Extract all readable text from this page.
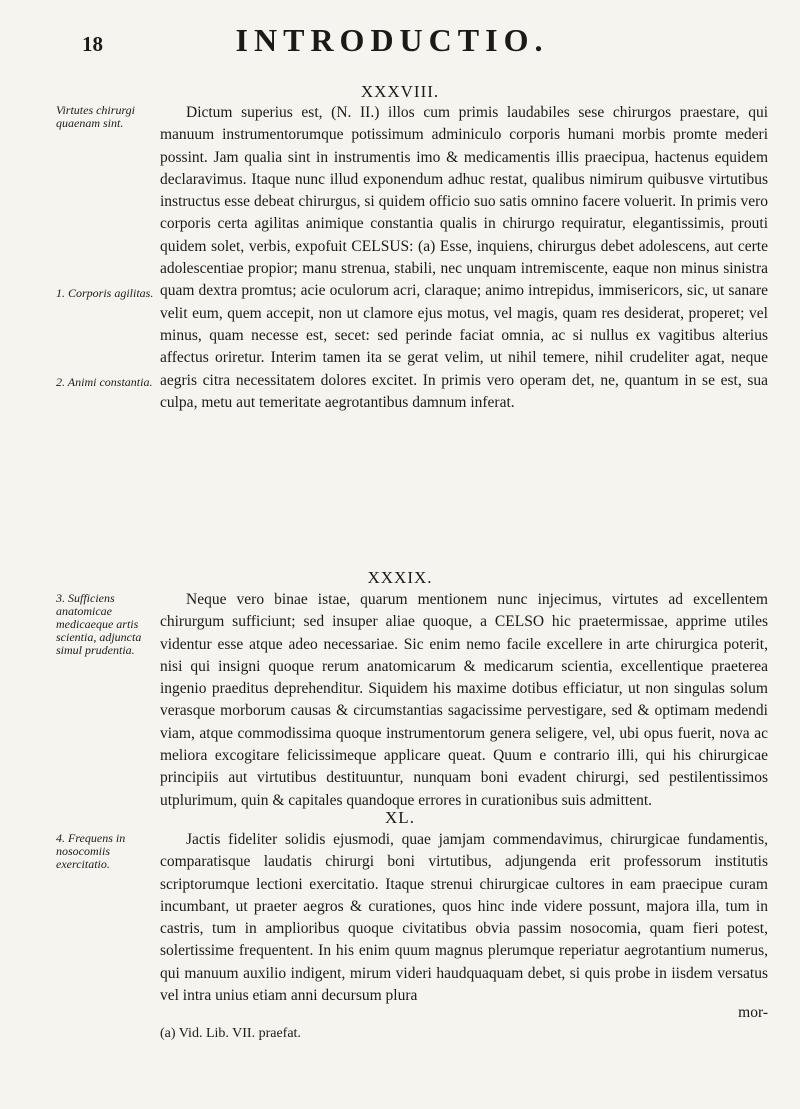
18	INTRODUCTIO.
XXXVIII.
Virtutes chirurgi quaenam sint.
1. Corporis agilitas.
2. Animi constantia.

Dictum superius est, (N. II.) illos cum primis laudabiles sese chirurgos praestare, qui manuum instrumentorumque potissimum adminiculo corporis humani morbis promte mederi possint. Jam qualia sint in instrumentis imo & medicamentis illis praecipua, hactenus equidem declaravimus. Itaque nunc illud exponendum adhuc restat, qualibus nimirum quibusve virtutibus instructus esse debeat chirurgus, si quidem officio suo satis omnino facere voluerit. In primis vero corporis certa agilitas animique constantia qualis in chirurgo requiratur, elegantissimis, prouti quidem solet, verbis, expofuit CELSUS: (a) Esse, inquiens, chirurgus debet adolescens, aut certe adolescentiae propior; manu strenua, stabili, nec unquam intremiscente, eaque non minus sinistra quam dextra promtus; acie oculorum acri, claraque; animo intrepidus, immisericors, sic, ut sanare velit eum, quem accepit, non ut clamore ejus motus, vel magis, quam res desiderat, properet; vel minus, quam necesse est, secet: sed perinde faciat omnia, ac si nullus ex vagitibus alterius affectus oriretur. Interim tamen ita se gerat velim, ut nihil temere, nihil crudeliter agat, neque aegris citra necessitatem dolores excitet. In primis vero operam det, ne, quantum in se est, sua culpa, metu aut temeritate aegrotantibus damnum inferat.

XXXIX.
3. Sufficiens anatomicae medicaeque artis scientia, adjuncta simul prudentia.

Neque vero binae istae, quarum mentionem nunc injecimus, virtutes ad excellentem chirurgum sufficiunt; sed insuper aliae quoque, a CELSO hic praetermissae, apprime utiles videntur esse atque adeo necessariae. Sic enim nemo facile excellere in arte chirurgica poterit, nisi qui insigni quoque rerum anatomicarum & medicarum scientia, excellentique praeterea ingenio praeditus deprehenditur. Siquidem his maxime dotibus efficiatur, ut non singulas solum verasque morborum causas & circumstantias sagacissime pervestigare, sed & optimam medendi viam, atque commodissima quoque instrumentorum genera seligere, vel, ubi opus fuerit, nova ac meliora excogitare felicissimeque applicare queat. Quum e contrario illi, qui his chirurgicae principiis aut virtutibus destituuntur, nunquam boni evadent chirurgi, sed pestilentissimos utplurimum, quin & capitales quandoque errores in curationibus suis admittent.

XL.
4. Frequens in nosocomiis exercitatio.

Jactis fideliter solidis ejusmodi, quae jamjam commendavimus, chirurgicae fundamentis, comparatisque laudatis chirurgi boni virtutibus, adjungenda erit professorum institutis scriptorumque lectioni exercitatio. Itaque strenui chirurgicae cultores in eam praecipue curam incumbant, ut praeter aegros & curationes, quos hinc inde videre possunt, majora illa, tum in castris, tum in amplioribus quoque civitatibus obvia passim nosocomia, quam fieri potest, solertissime frequentent. In his enim quum magnus plerumque reperiatur aegrotantium numerus, qui manuum auxilio indigent, mirum videri haudquaquam debet, si quis probe in iisdem versatus vel intra unius etiam anni decursum plura

mor-
(a) Vid. Lib. VII. praefat.
